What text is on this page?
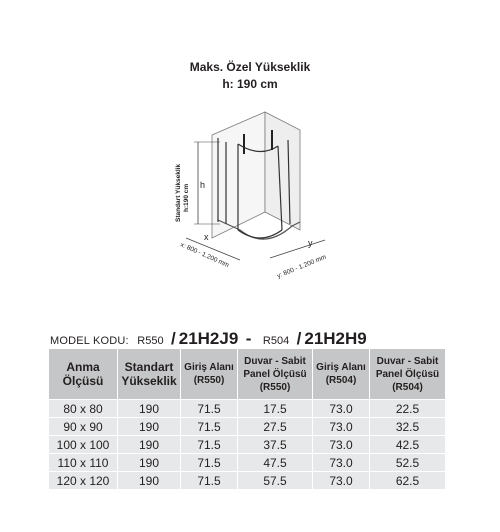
Maks. Özel Yükseklik
h: 190 cm
h
Standart Yükseklik h:190 cm
x
x: 800 - 1.200 mm	y
y: 800 - 1.200 mm
MODEL KODU: R550 / 21H2J9 - R504 / 21H2H9
Anma Ölçüsü	Standart Yükseklik	Giriş Alanı (R550)	Duvar - Sabit Panel Ölçüsü (R550)	Giriş Alanı (R504)	Duvar - Sabit Panel Ölçüsü (R504)
80 x 80	190	71.5	17.5	73.0	22.5
90 x 90	190	71.5	27.5	73.0	32.5
100 x 100	190	71.5	37.5	73.0	42.5
110 x 110	190	71.5	47.5	73.0	52.5
120 x 120	190	71.5	57.5	73.0	62.5
